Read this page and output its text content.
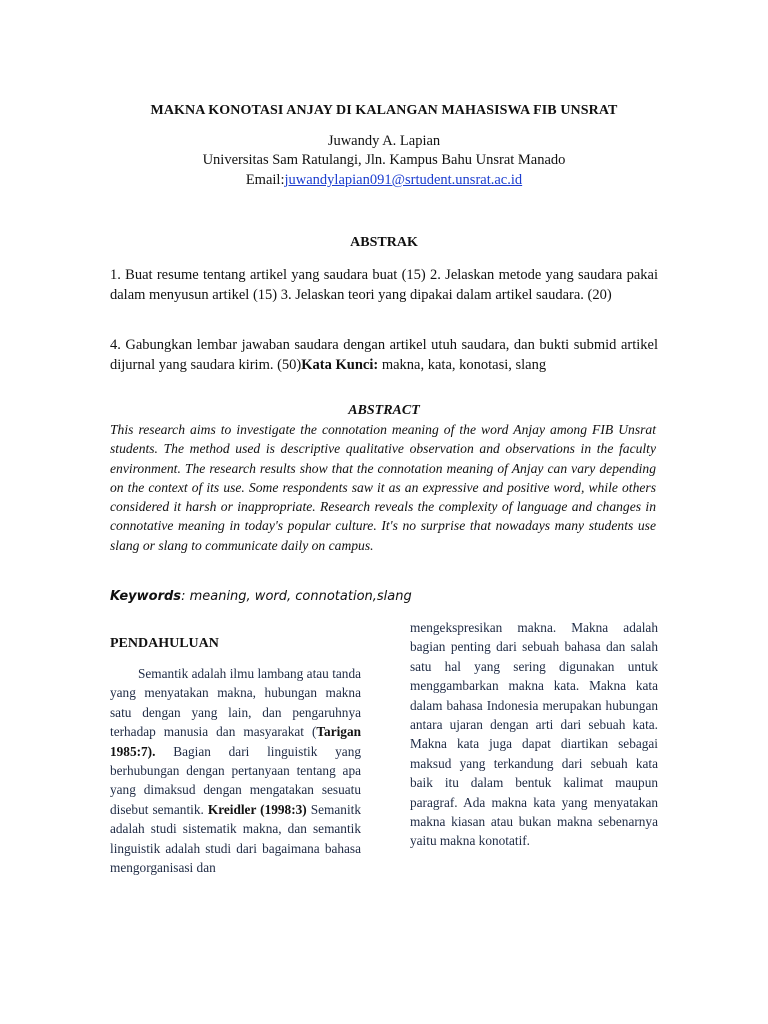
MAKNA KONOTASI ANJAY DI KALANGAN MAHASISWA FIB UNSRAT
Juwandy A. Lapian
Universitas Sam Ratulangi, Jln. Kampus Bahu Unsrat Manado
Email:juwandylapian091@srtudent.unsrat.ac.id
ABSTRAK

1. Buat resume tentang artikel yang saudara buat (15) 2. Jelaskan metode yang saudara pakai dalam menyusun artikel (15) 3. Jelaskan teori yang dipakai dalam artikel saudara. (20)

4. Gabungkan lembar jawaban saudara dengan artikel utuh saudara, dan bukti submid artikel dijurnal yang saudara kirim. (50)Kata Kunci: makna, kata, konotasi, slang

ABSTRACT

This research aims to investigate the connotation meaning of the word Anjay among FIB Unsrat students. The method used is descriptive qualitative observation and observations in the faculty environment. The research results show that the connotation meaning of Anjay can vary depending on the context of its use. Some respondents saw it as an expressive and positive word, while others considered it harsh or inappropriate. Research reveals the complexity of language and changes in connotative meaning in today's popular culture. It's no surprise that nowadays many students use slang or slang to communicate daily on campus.

Keywords: meaning, word, connotation,slang
PENDAHULUAN

Semantik adalah ilmu lambang atau tanda yang menyatakan makna, hubungan makna satu dengan yang lain, dan pengaruhnya terhadap manusia dan masyarakat (Tarigan 1985:7). Bagian dari linguistik yang berhubungan dengan pertanyaan tentang apa yang dimaksud dengan mengatakan sesuatu disebut semantik. Kreidler (1998:3) Semanitk adalah studi sistematik makna, dan semantik linguistik adalah studi dari bagaimana bahasa mengorganisasi dan

mengekspresikan makna. Makna adalah bagian penting dari sebuah bahasa dan salah satu hal yang sering digunakan untuk menggambarkan makna kata. Makna kata dalam bahasa Indonesia merupakan hubungan antara ujaran dengan arti dari sebuah kata. Makna kata juga dapat diartikan sebagai maksud yang terkandung dari sebuah kata baik itu dalam bentuk kalimat maupun paragraf. Ada makna kata yang menyatakan makna kiasan atau bukan makna sebenarnya yaitu makna konotatif.
